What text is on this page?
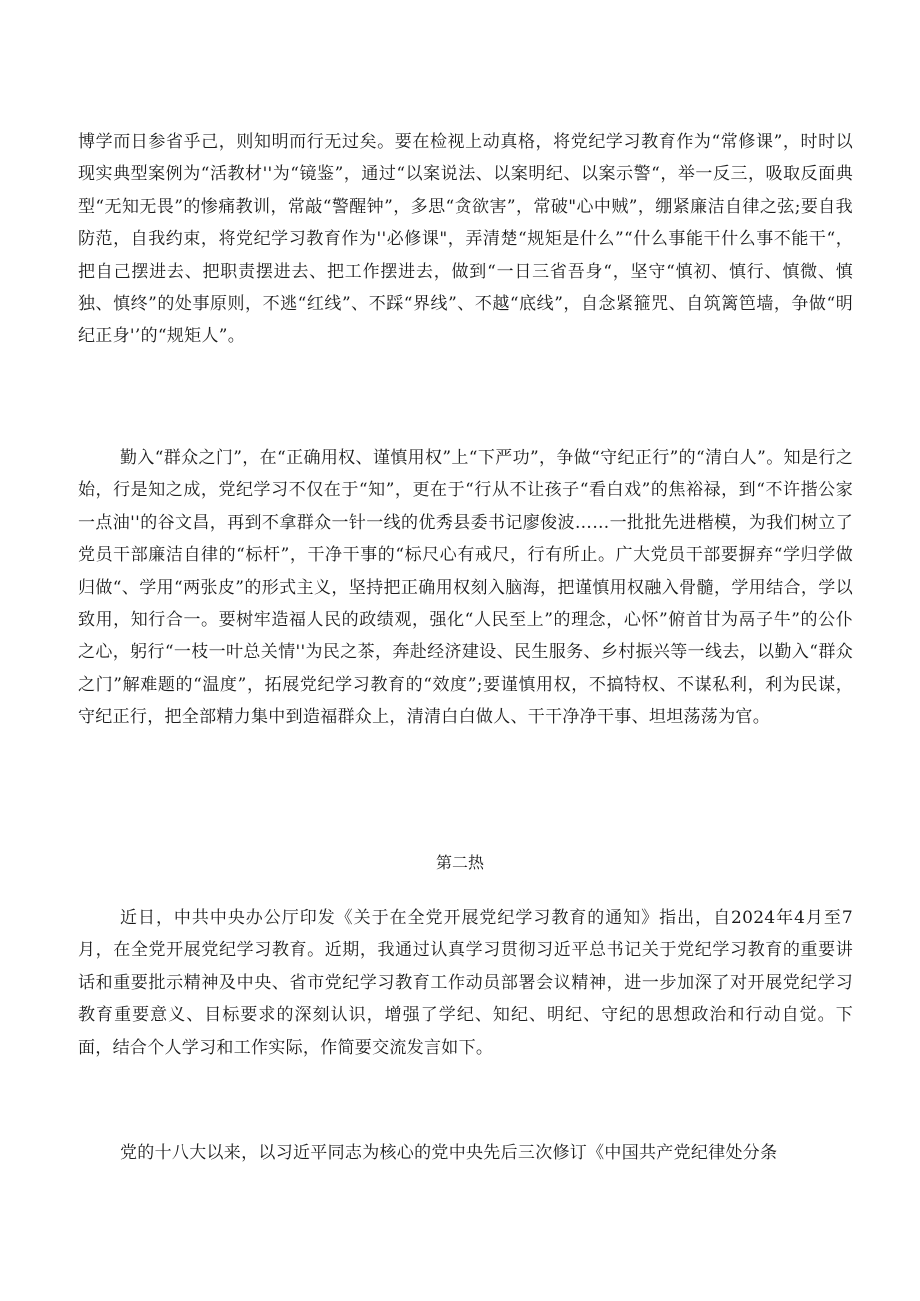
博学而日参省乎己，则知明而行无过矣。要在检视上动真格，将党纪学习教育作为“常修课”，时时以现实典型案例为“活教材''为“镜鉴”，通过“以案说法、以案明纪、以案示警“，举一反三，吸取反面典型“无知无畏”的惨痛教训，常敲“警醒钟”，多思“贪欲害”，常破"心中贼”，绷紧廉洁自律之弦;要自我防范，自我约束，将党纪学习教育作为''必修课"，弄清楚“规矩是什么”“什么事能干什么事不能干“，把自己摆进去、把职责摆进去、把工作摆进去，做到“一日三省吾身“，坚守“慎初、慎行、慎微、慎独、慎终”的处事原则，不逃“红线”、不踩“界线”、不越“底线”，自念紧箍咒、自筑篱笆墙，争做“明纪正身'’的“规矩人”。

勤入“群众之门”，在“正确用权、谨慎用权”上“下严功”，争做“守纪正行”的“清白人”。知是行之始，行是知之成，党纪学习不仅在于“知”，更在于“行从不让孩子“看白戏”的焦裕禄，到“不许揩公家一点油''的谷文昌，再到不拿群众一针一线的优秀县委书记廖俊波……一批批先进楷模，为我们树立了党员干部廉洁自律的“标杆”，干净干事的“标尺心有戒尺，行有所止。广大党员干部要摒弃“学归学做归做“、学用“两张皮”的形式主义，坚持把正确用权刻入脑海，把谨慎用权融入骨髓，学用结合，学以致用，知行合一。要树牢造福人民的政绩观，强化“人民至上”的理念，心怀”俯首甘为鬲子牛”的公仆之心，躬行“一枝一叶总关情''为民之茶，奔赴经济建设、民生服务、乡村振兴等一线去，以勤入“群众之门”解难题的“温度”，拓展党纪学习教育的“效度”;要谨慎用权，不搞特权、不谋私利，利为民谋，守纪正行，把全部精力集中到造福群众上，清清白白做人、干干净净干事、坦坦荡荡为官。

第二热

近日，中共中央办公厅印发《关于在全党开展党纪学习教育的通知》指出，自2024年4月至7月，在全党开展党纪学习教育。近期，我通过认真学习贯彻习近平总书记关于党纪学习教育的重要讲话和重要批示精神及中央、省市党纪学习教育工作动员部署会议精神，进一步加深了对开展党纪学习教育重要意义、目标要求的深刻认识，增强了学纪、知纪、明纪、守纪的思想政治和行动自觉。下面，结合个人学习和工作实际，作简要交流发言如下。

党的十八大以来，以习近平同志为核心的党中央先后三次修订《中国共产党纪律处分条
